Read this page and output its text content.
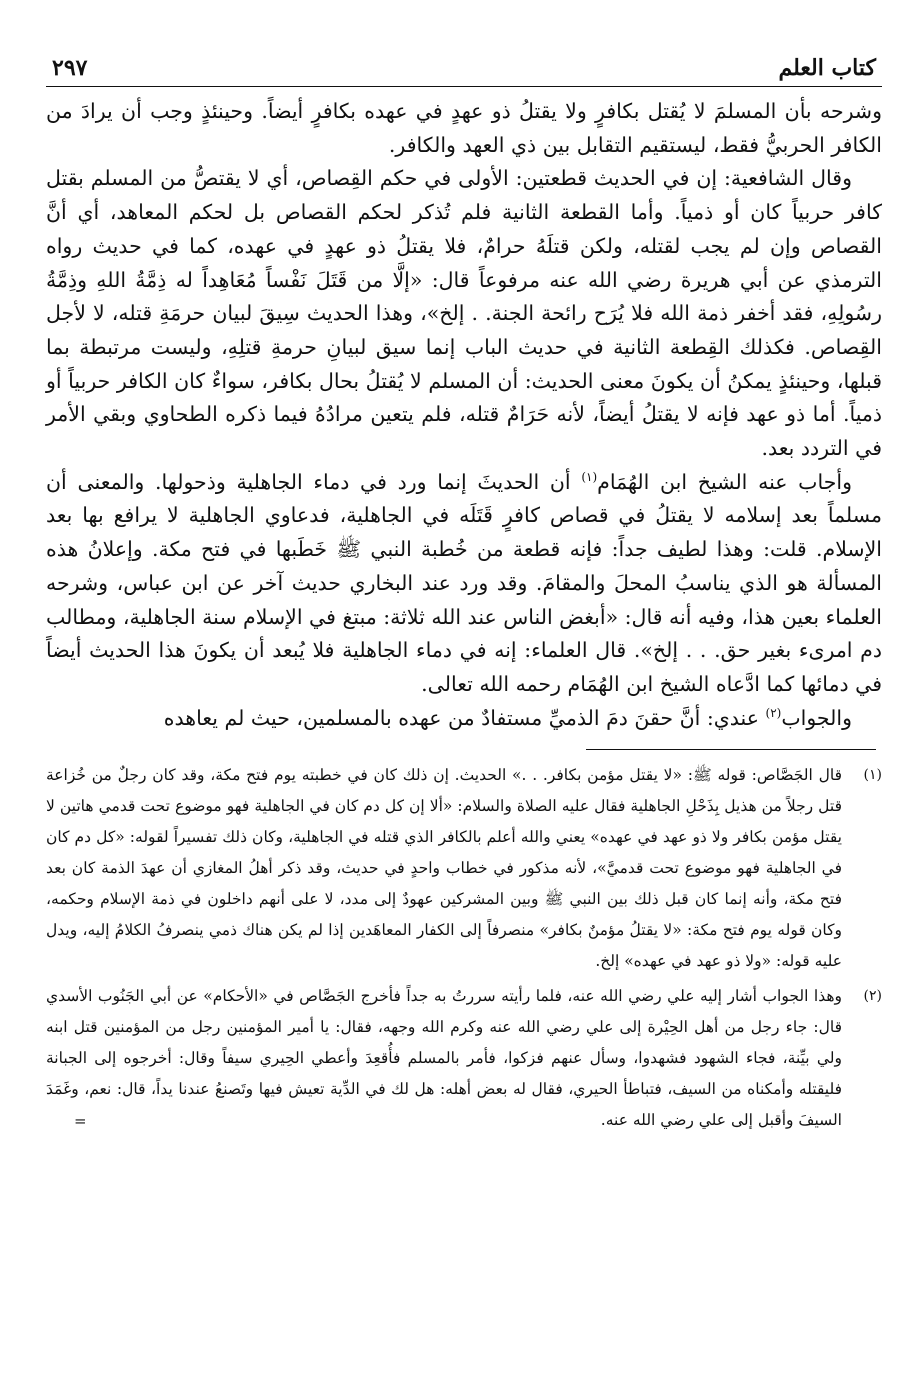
كتاب العلم
٢٩٧

وشرحه بأن المسلمَ لا يُقتل بكافرٍ ولا يقتلُ ذو عهدٍ في عهده بكافرٍ أيضاً. وحينئذٍ وجب أن يرادَ من الكافر الحربيُّ فقط، ليستقيم التقابل بين ذي العهد والكافر.

وقال الشافعية: إن في الحديث قطعتين: الأولى في حكم القِصاص، أي لا يقتصُّ من المسلم بقتل كافر حربياً كان أو ذمياً. وأما القطعة الثانية فلم تُذكر لحكم القصاص بل لحكم المعاهد، أي أنَّ القصاص وإن لم يجب لقتله، ولكن قتلَهُ حرامٌ، فلا يقتلُ ذو عهدٍ في عهده، كما في حديث رواه الترمذي عن أبي هريرة رضي الله عنه مرفوعاً قال: «إلَّا من قَتَلَ نَفْساً مُعَاهِداً له ذِمَّةُ اللهِ وذِمَّةُ رسُولِهِ، فقد أخفر ذمة الله فلا يُرَح رائحة الجنة. . إلخ»، وهذا الحديث سِيقَ لبيان حرمَةِ قتله، لا لأجل القِصاص. فكذلك القِطعة الثانية في حديث الباب إنما سيق لبيانِ حرمةِ قتلِهِ، وليست مرتبطة بما قبلها، وحينئذٍ يمكنُ أن يكونَ معنى الحديث: أن المسلم لا يُقتلُ بحال بكافر، سواءٌ كان الكافر حربياً أو ذمياً. أما ذو عهد فإنه لا يقتلُ أيضاً، لأنه حَرَامٌ قتله، فلم يتعين مرادُهُ فيما ذكره الطحاوي وبقي الأمر في التردد بعد.

وأجاب عنه الشيخ ابن الهُمَام$^{(١)}$ أن الحديثَ إنما ورد في دماء الجاهلية وذحولها. والمعنى أن مسلماً بعد إسلامه لا يقتلُ في قصاص كافرٍ قَتَلَه في الجاهلية، فدعاوي الجاهلية لا يرافع بها بعد الإسلام. قلت: وهذا لطيف جداً: فإنه قطعة من خُطبة النبي ﷺ خَطَبها في فتح مكة. وإعلانُ هذه المسألة هو الذي يناسبُ المحلَ والمقامَ. وقد ورد عند البخاري حديث آخر عن ابن عباس، وشرحه العلماء بعين هذا، وفيه أنه قال: «أبغض الناس عند الله ثلاثة: مبتغ في الإسلام سنة الجاهلية، ومطالب دم امرىء بغير حق. . . إلخ». قال العلماء: إنه في دماء الجاهلية فلا يُبعد أن يكونَ هذا الحديث أيضاً في دمائها كما ادَّعاه الشيخ ابن الهُمَام رحمه الله تعالى.

والجواب$^{(٢)}$ عندي: أنَّ حقنَ دمَ الذميِّ مستفادٌ من عهده بالمسلمين، حيث لم يعاهده

(١)
قال الجَصَّاص: قوله ﷺ: «لا يقتل مؤمن بكافر. . .» الحديث. إن ذلك كان في خطبته يوم فتح مكة، وقد كان رجلٌ من خُزاعة قتل رجلاً من هذيل بِذَحْلِ الجاهلية فقال عليه الصلاة والسلام: «ألا إن كل دم كان في الجاهلية فهو موضوع تحت قدمي هاتين لا يقتل مؤمن بكافر ولا ذو عهد في عهده» يعني والله أعلم بالكافر الذي قتله في الجاهلية، وكان ذلك تفسيراً لقوله: «كل دم كان في الجاهلية فهو موضوع تحت قدميَّ»، لأنه مذكور في خطاب واحدٍ في حديث، وقد ذكر أهلُ المغازي أن عهدَ الذمة كان بعد فتح مكة، وأنه إنما كان قبل ذلك بين النبي ﷺ وبين المشركين عهودٌ إلى مدد، لا على أنهم داخلون في ذمة الإسلام وحكمه، وكان قوله يوم فتح مكة: «لا يقتلُ مؤمنٌ بكافر» منصرفاً إلى الكفار المعاهَدين إذا لم يكن هناك ذمي ينصرفُ الكلامُ إليه، ويدل عليه قوله: «ولا ذو عهد في عهده» إلخ.
(٢)
وهذا الجواب أشار إليه علي رضي الله عنه، فلما رأيته سررتُ به جداً فأخرج الجَصَّاص في «الأحكام» عن أبي الجَنُوب الأسدي قال: جاء رجل من أهل الحِيْرة إلى علي رضي الله عنه وكرم الله وجهه، فقال: يا أمير المؤمنين رجل من المؤمنين قتل ابنه ولي بيِّنة، فجاء الشهود فشهدوا، وسأل عنهم فزكوا، فأمر بالمسلم فأُقعِدَ وأعطي الحِيري سيفاً وقال: أخرجوه إلى الجبانة فليقتله وأمكناه من السيف، فتباطأ الحيري، فقال له بعض أهله: هل لك في الدِّية تعيش فيها وتَصنعُ عندنا يداً، قال: نعم، وغَمَدَ السيفَ وأقبل إلى علي رضي الله عنه.
=
